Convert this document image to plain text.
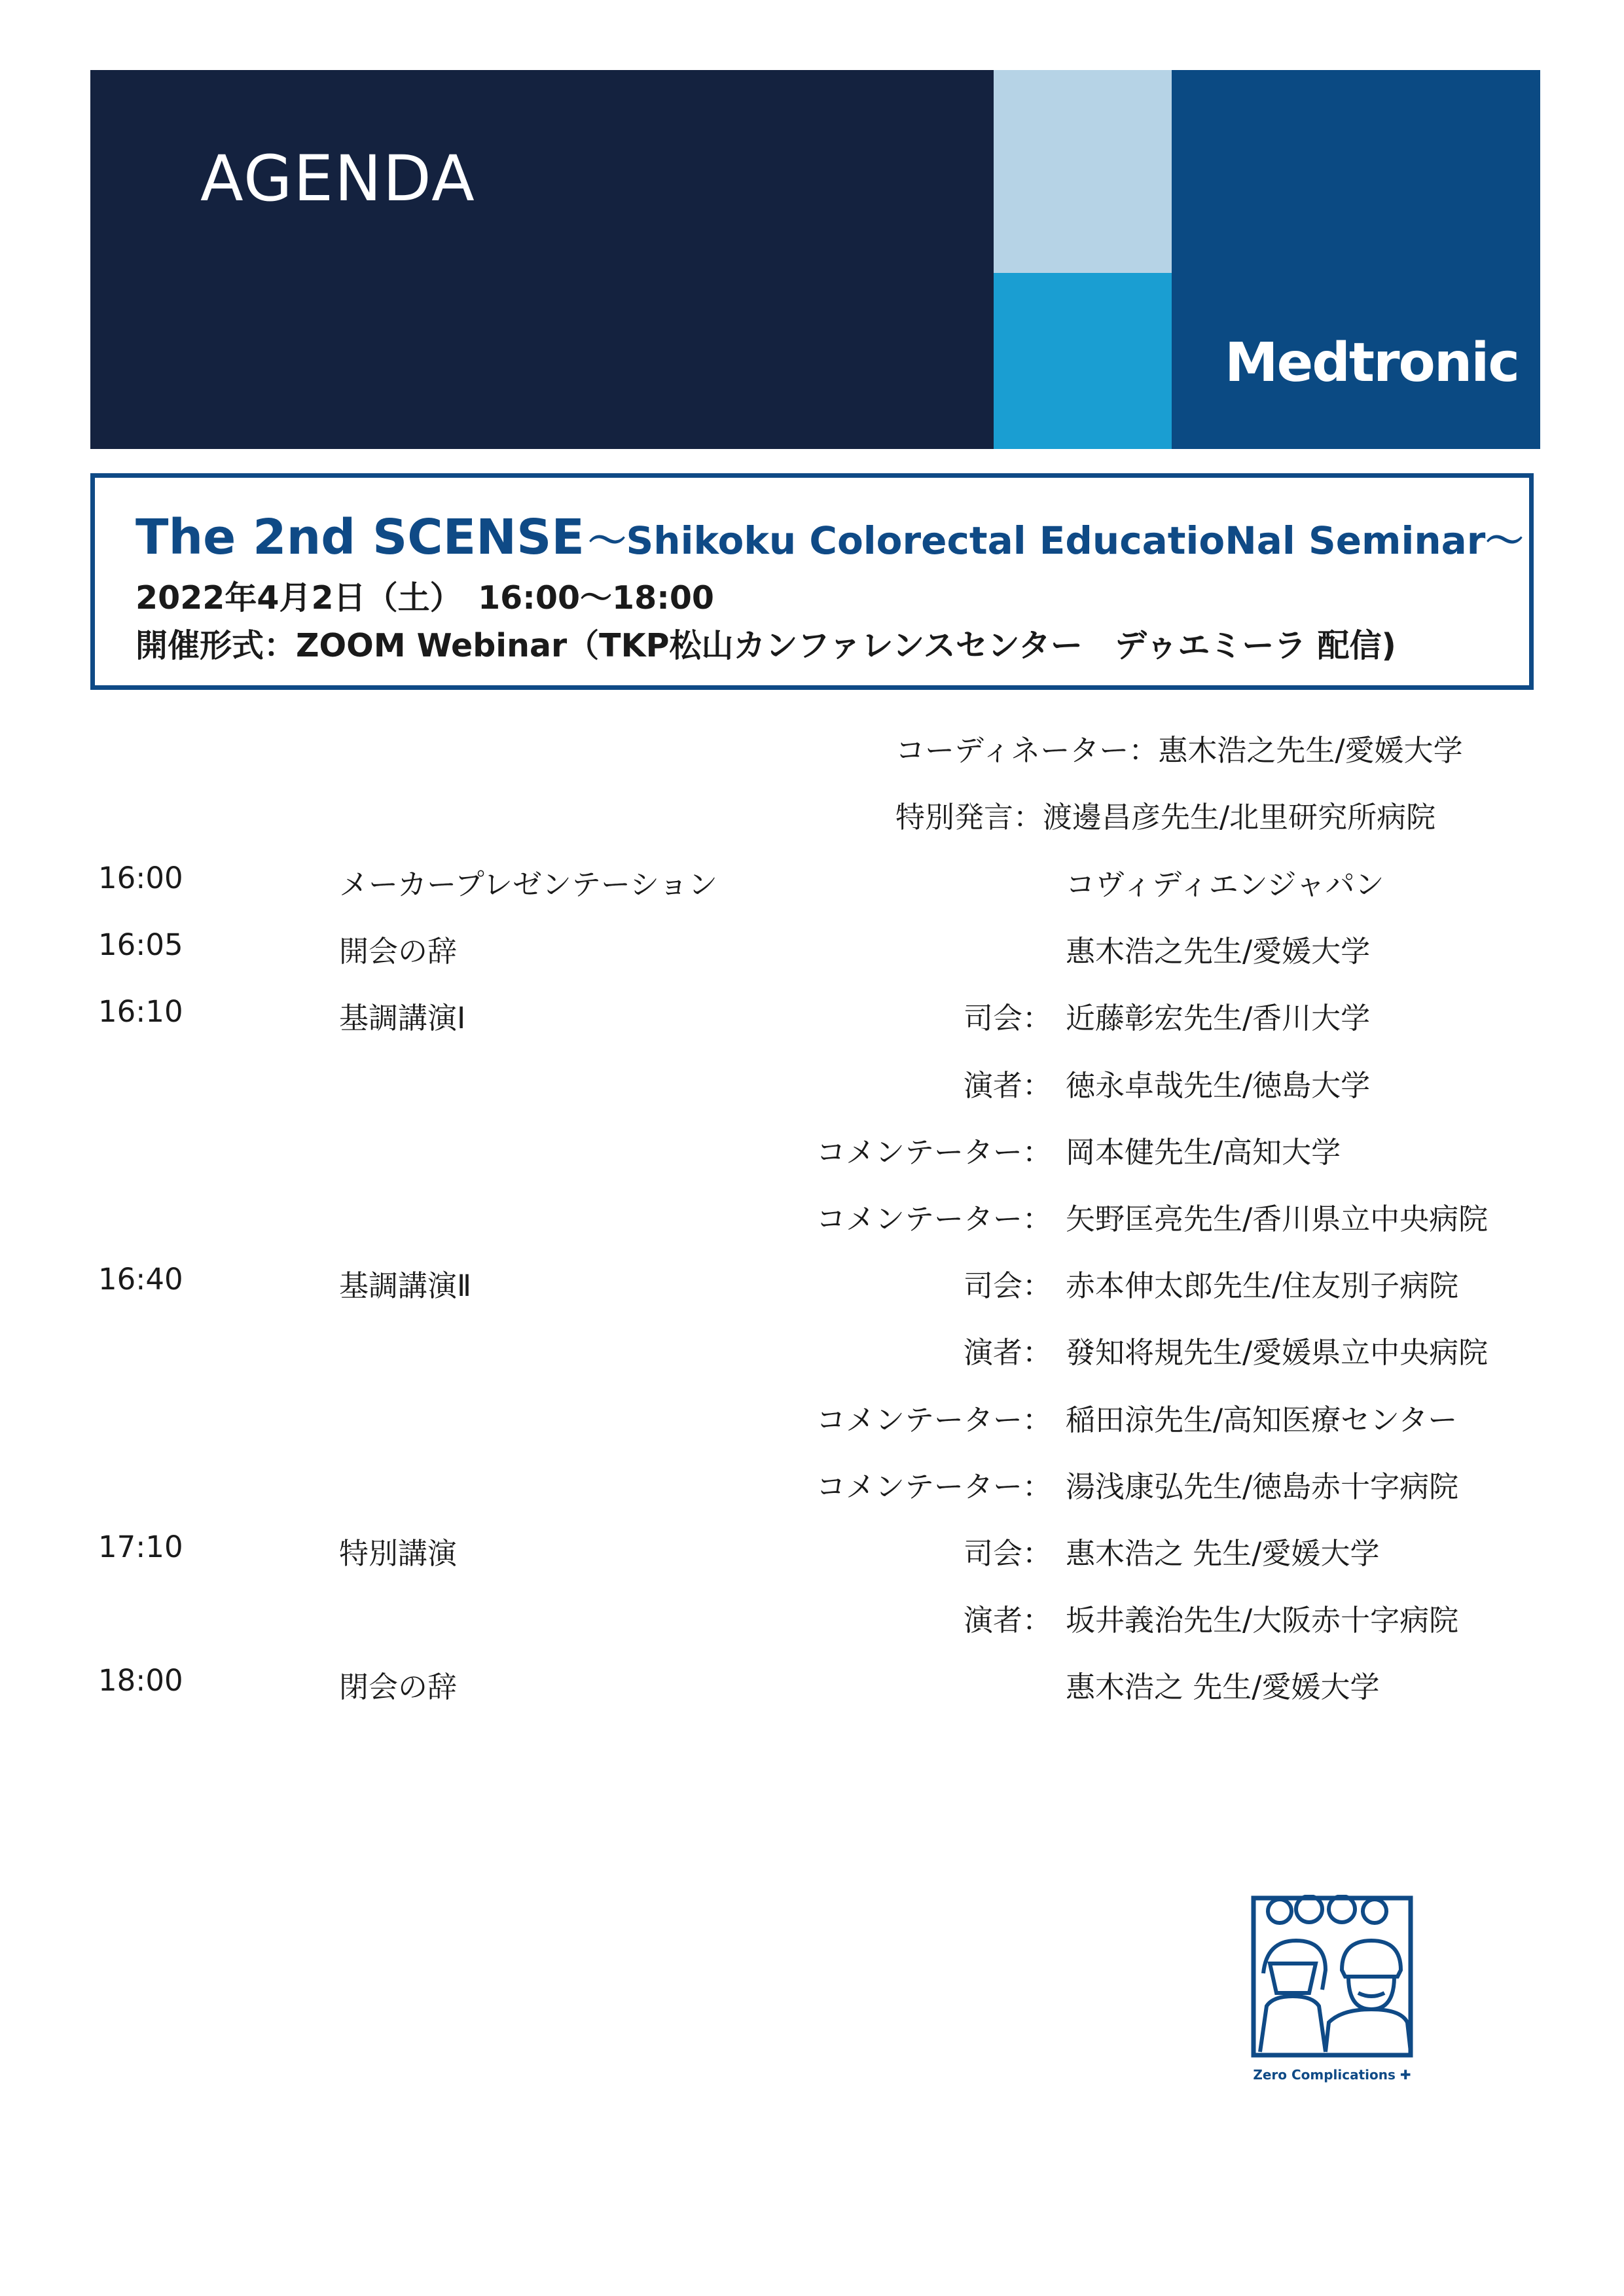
AGENDA
Medtronic
The 2nd SCENSE ～Shikoku Colorectal EducatioNal Seminar～
2022年4月2日（土）　16:00～18:00
開催形式：ZOOM Webinar（TKP松山カンファレンスセンター　デゥエミーラ 配信)
コーディネーター：惠木浩之先生/愛媛大学
特別発言：渡邊昌彦先生/北里研究所病院
16:00	メーカープレゼンテーション	コヴィディエンジャパン
16:05	開会の辞	惠木浩之先生/愛媛大学
16:10	基調講演Ⅰ	司会： 近藤彰宏先生/香川大学
演者： 徳永卓哉先生/徳島大学
コメンテーター： 岡本健先生/高知大学
コメンテーター： 矢野匡亮先生/香川県立中央病院
16:40	基調講演Ⅱ	司会： 赤本伸太郎先生/住友別子病院
演者： 發知将規先生/愛媛県立中央病院
コメンテーター： 稲田涼先生/高知医療センター
コメンテーター： 湯浅康弘先生/徳島赤十字病院
17:10	特別講演	司会： 惠木浩之 先生/愛媛大学
演者： 坂井義治先生/大阪赤十字病院
18:00	閉会の辞	惠木浩之 先生/愛媛大学
Zero Complications ✚
